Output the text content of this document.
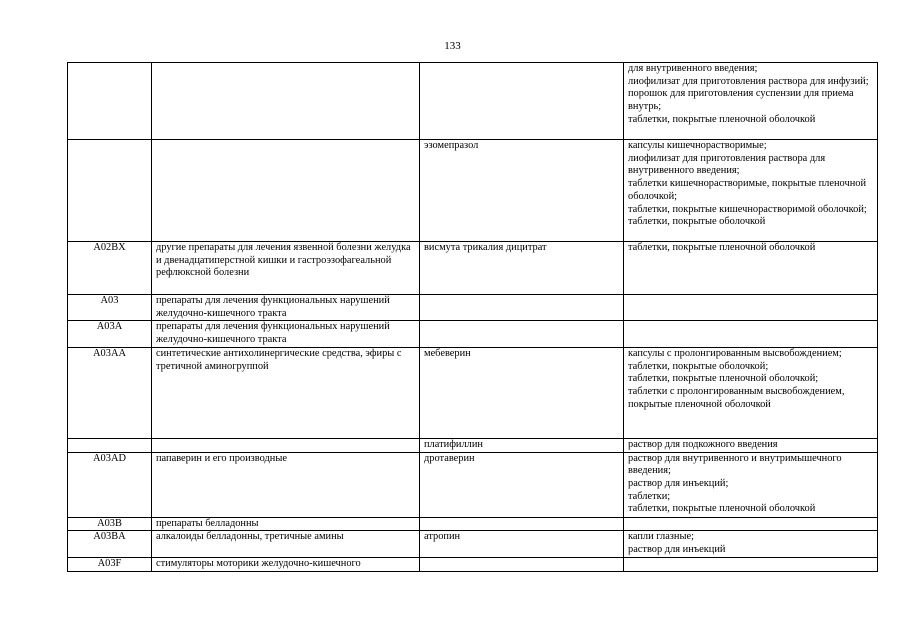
133
			для внутривенного введения;
лиофилизат для приготовления раствора для инфузий;
порошок для приготовления суспензии для приема внутрь;
таблетки, покрытые пленочной оболочкой
		эзомепразол	капсулы кишечнорастворимые;
лиофилизат для приготовления раствора для внутривенного введения;
таблетки кишечнорастворимые, покрытые пленочной оболочкой;
таблетки, покрытые кишечнорастворимой оболочкой;
таблетки, покрытые оболочкой
A02BX	другие препараты для лечения язвенной болезни желудка и двенадцатиперстной кишки и гастроэзофагеальной рефлюксной болезни	висмута трикалия дицитрат	таблетки, покрытые пленочной оболочкой
A03	препараты для лечения функциональных нарушений желудочно-кишечного тракта		
A03A	препараты для лечения функциональных нарушений желудочно-кишечного тракта		
A03AA	синтетические антихолинергические средства, эфиры с третичной аминогруппой	мебеверин	капсулы с пролонгированным высвобождением;
таблетки, покрытые оболочкой;
таблетки, покрытые пленочной оболочкой;
таблетки с пролонгированным высвобождением, покрытые пленочной оболочкой
		платифиллин	раствор для подкожного введения
A03AD	папаверин и его производные	дротаверин	раствор для внутривенного и внутримышечного введения;
раствор для инъекций;
таблетки;
таблетки, покрытые пленочной оболочкой
A03B	препараты белладонны		
A03BA	алкалоиды белладонны, третичные амины	атропин	капли глазные;
раствор для инъекций
A03F	стимуляторы моторики желудочно-кишечного		
